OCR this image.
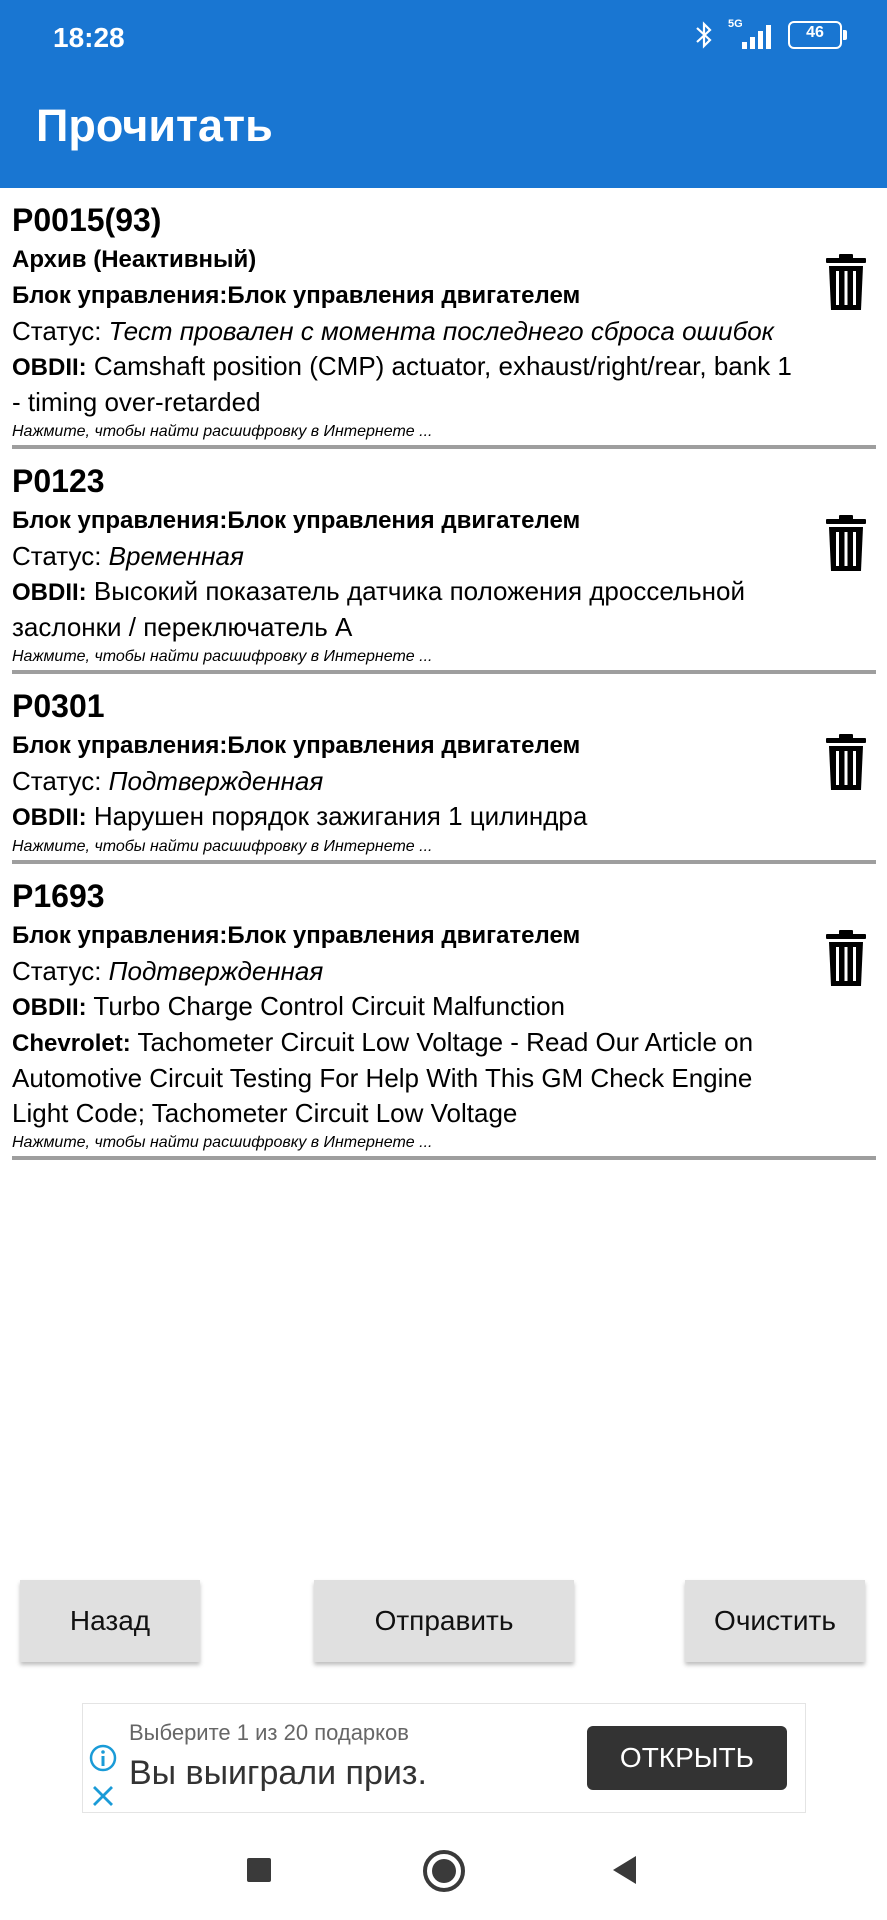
18:28	5G	46
Прочитать
P0015(93)
Архив (Неактивный)
Блок управления:Блок управления двигателем
Статус: Тест провален с момента последнего сброса ошибок
OBDII: Camshaft position (CMP) actuator, exhaust/right/rear, bank 1 - timing over-retarded
Нажмите, чтобы найти расшифровку в Интернете ...
P0123
Блок управления:Блок управления двигателем
Статус: Временная
OBDII: Высокий показатель датчика положения дроссельной заслонки / переключатель A
Нажмите, чтобы найти расшифровку в Интернете ...
P0301
Блок управления:Блок управления двигателем
Статус: Подтвержденная
OBDII: Нарушен порядок зажигания 1 цилиндра
Нажмите, чтобы найти расшифровку в Интернете ...
P1693
Блок управления:Блок управления двигателем
Статус: Подтвержденная
OBDII: Turbo Charge Control Circuit Malfunction
Chevrolet: Tachometer Circuit Low Voltage - Read Our Article on Automotive Circuit Testing For Help With This GM Check Engine Light Code; Tachometer Circuit Low Voltage
Нажмите, чтобы найти расшифровку в Интернете ...
Назад	Отправить	Очистить
Выберите 1 из 20 подарков
Вы выиграли приз.	ОТКРЫТЬ
